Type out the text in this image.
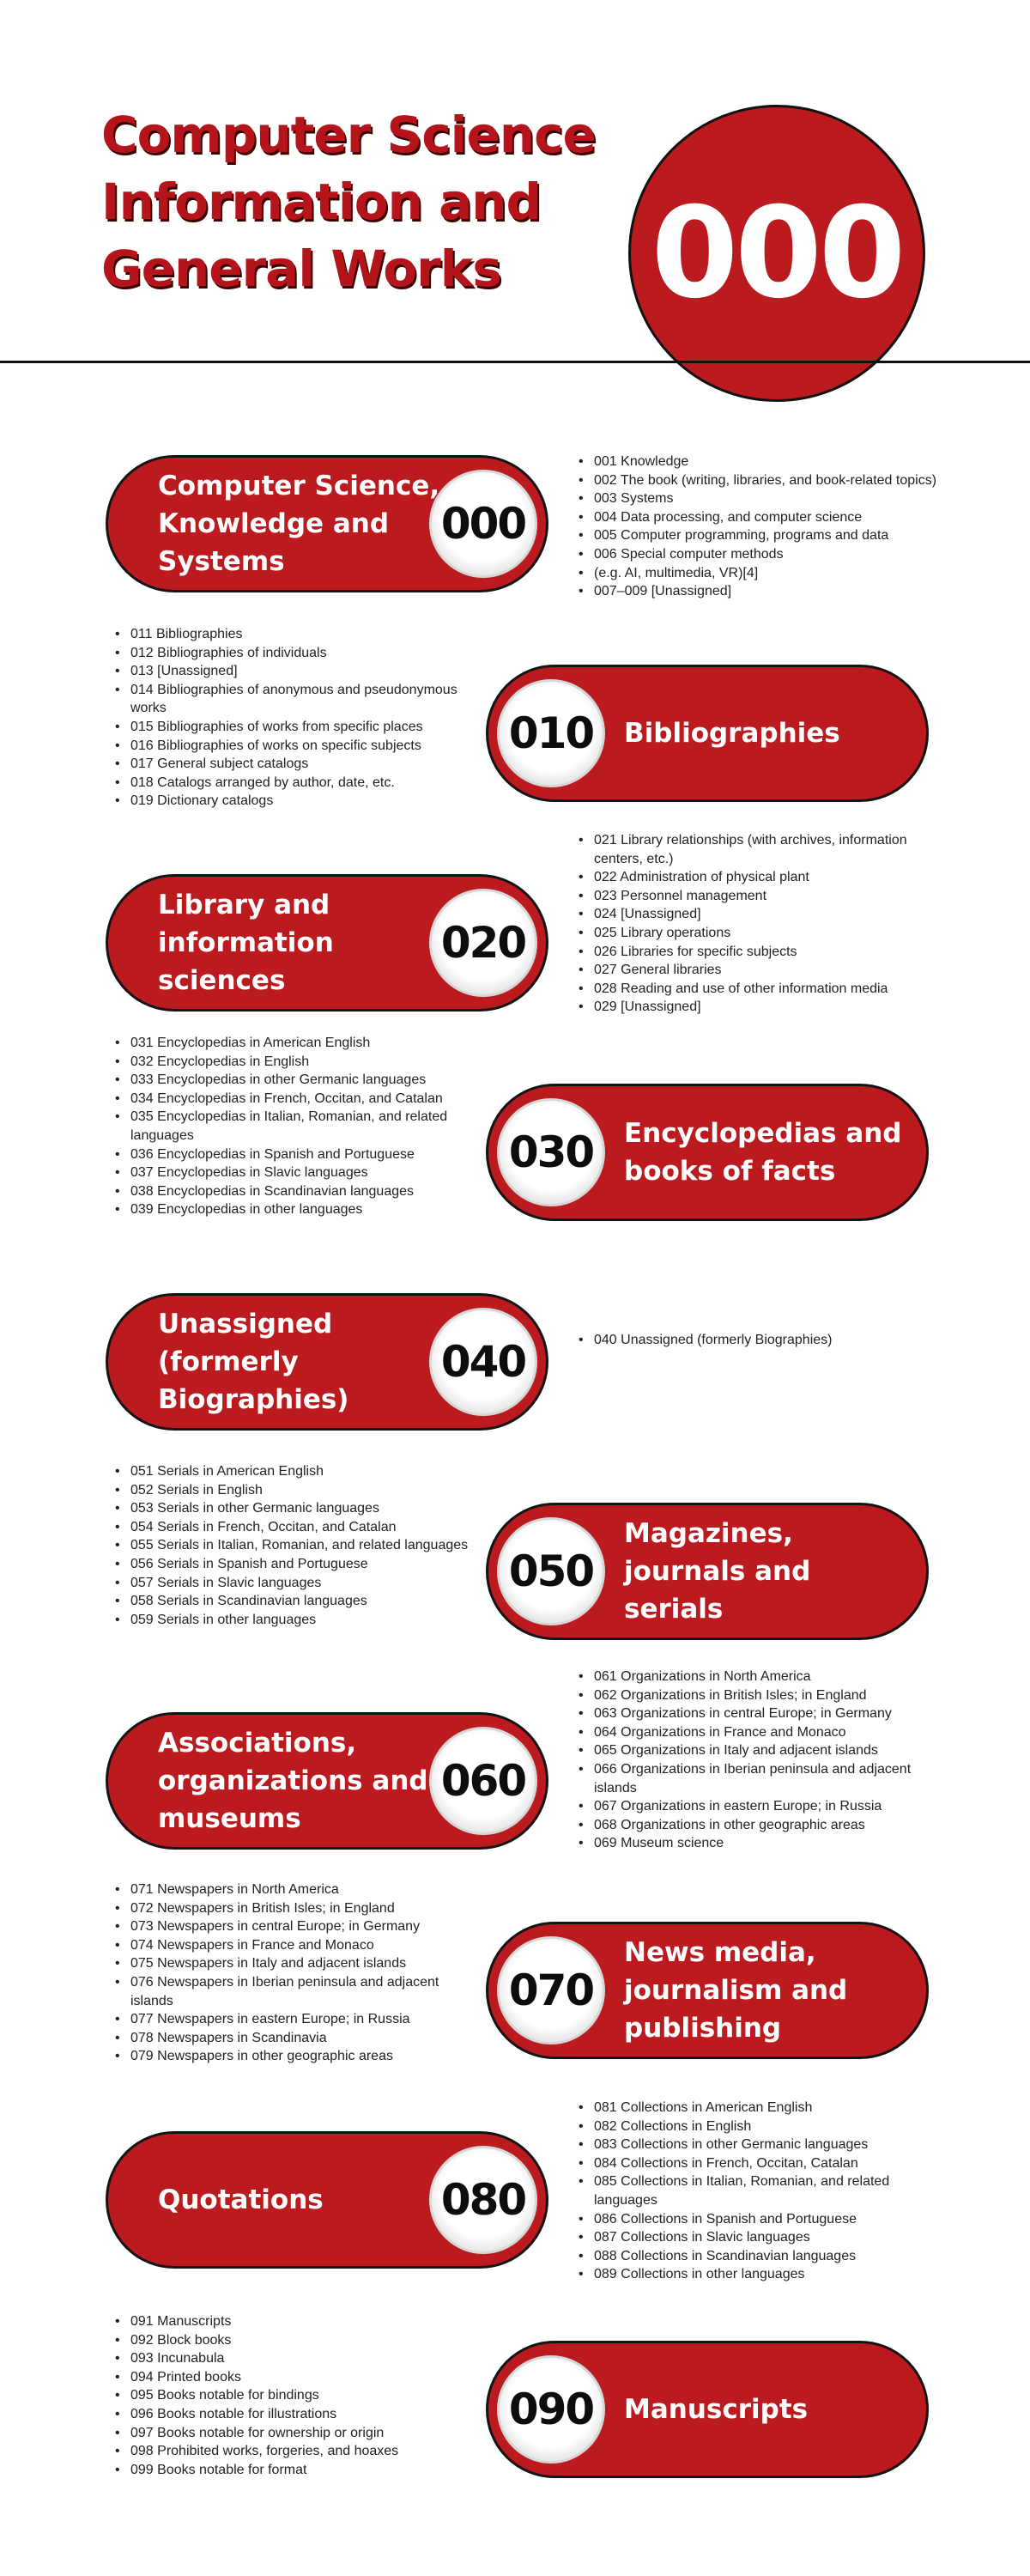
Computer Science
Information and
General Works	000
Computer Science,
Knowledge and
Systems
000
• 001 Knowledge
• 002 The book (writing, libraries, and book-related topics)
• 003 Systems
• 004 Data processing, and computer science
• 005 Computer programming, programs and data
• 006 Special computer methods
• (e.g. AI, multimedia, VR)[4]
• 007–009 [Unassigned]
• 011 Bibliographies
• 012 Bibliographies of individuals
• 013 [Unassigned]
• 014 Bibliographies of anonymous and pseudonymous works
• 015 Bibliographies of works from specific places
• 016 Bibliographies of works on specific subjects
• 017 General subject catalogs
• 018 Catalogs arranged by author, date, etc.
• 019 Dictionary catalogs
010 Bibliographies
Library and
information
sciences
020
• 021 Library relationships (with archives, information centers, etc.)
• 022 Administration of physical plant
• 023 Personnel management
• 024 [Unassigned]
• 025 Library operations
• 026 Libraries for specific subjects
• 027 General libraries
• 028 Reading and use of other information media
• 029 [Unassigned]
• 031 Encyclopedias in American English
• 032 Encyclopedias in English
• 033 Encyclopedias in other Germanic languages
• 034 Encyclopedias in French, Occitan, and Catalan
• 035 Encyclopedias in Italian, Romanian, and related languages
• 036 Encyclopedias in Spanish and Portuguese
• 037 Encyclopedias in Slavic languages
• 038 Encyclopedias in Scandinavian languages
• 039 Encyclopedias in other languages
030 Encyclopedias and
books of facts
Unassigned
(formerly
Biographies)
040
•	040 Unassigned (formerly Biographies)
• 051 Serials in American English
• 052 Serials in English
• 053 Serials in other Germanic languages
• 054 Serials in French, Occitan, and Catalan
• 055 Serials in Italian, Romanian, and related languages
• 056 Serials in Spanish and Portuguese
• 057 Serials in Slavic languages
• 058 Serials in Scandinavian languages
• 059 Serials in other languages
050
Magazines,
journals and serials
Associations,
organizations and
museums
060
• 061 Organizations in North America
• 062 Organizations in British Isles; in England
• 063 Organizations in central Europe; in Germany
• 064 Organizations in France and Monaco
• 065 Organizations in Italy and adjacent islands
• 066 Organizations in Iberian peninsula and adjacent islands
• 067 Organizations in eastern Europe; in Russia
• 068 Organizations in other geographic areas
• 069 Museum science
• 071 Newspapers in North America
• 072 Newspapers in British Isles; in England
• 073 Newspapers in central Europe; in Germany
• 074 Newspapers in France and Monaco
• 075 Newspapers in Italy and adjacent islands
• 076 Newspapers in Iberian peninsula and adjacent islands
• 077 Newspapers in eastern Europe; in Russia
• 078 Newspapers in Scandinavia
• 079 Newspapers in other geographic areas
070
News media,
journalism and
publishing
Quotations	080
• 081 Collections in American English
• 082 Collections in English
• 083 Collections in other Germanic languages
• 084 Collections in French, Occitan, Catalan
• 085 Collections in Italian, Romanian, and related languages
• 086 Collections in Spanish and Portuguese
• 087 Collections in Slavic languages
• 088 Collections in Scandinavian languages
• 089 Collections in other languages
• 091 Manuscripts
• 092 Block books
• 093 Incunabula
• 094 Printed books
• 095 Books notable for bindings
• 096 Books notable for illustrations
• 097 Books notable for ownership or origin
• 098 Prohibited works, forgeries, and hoaxes
• 099 Books notable for format
090 Manuscripts
